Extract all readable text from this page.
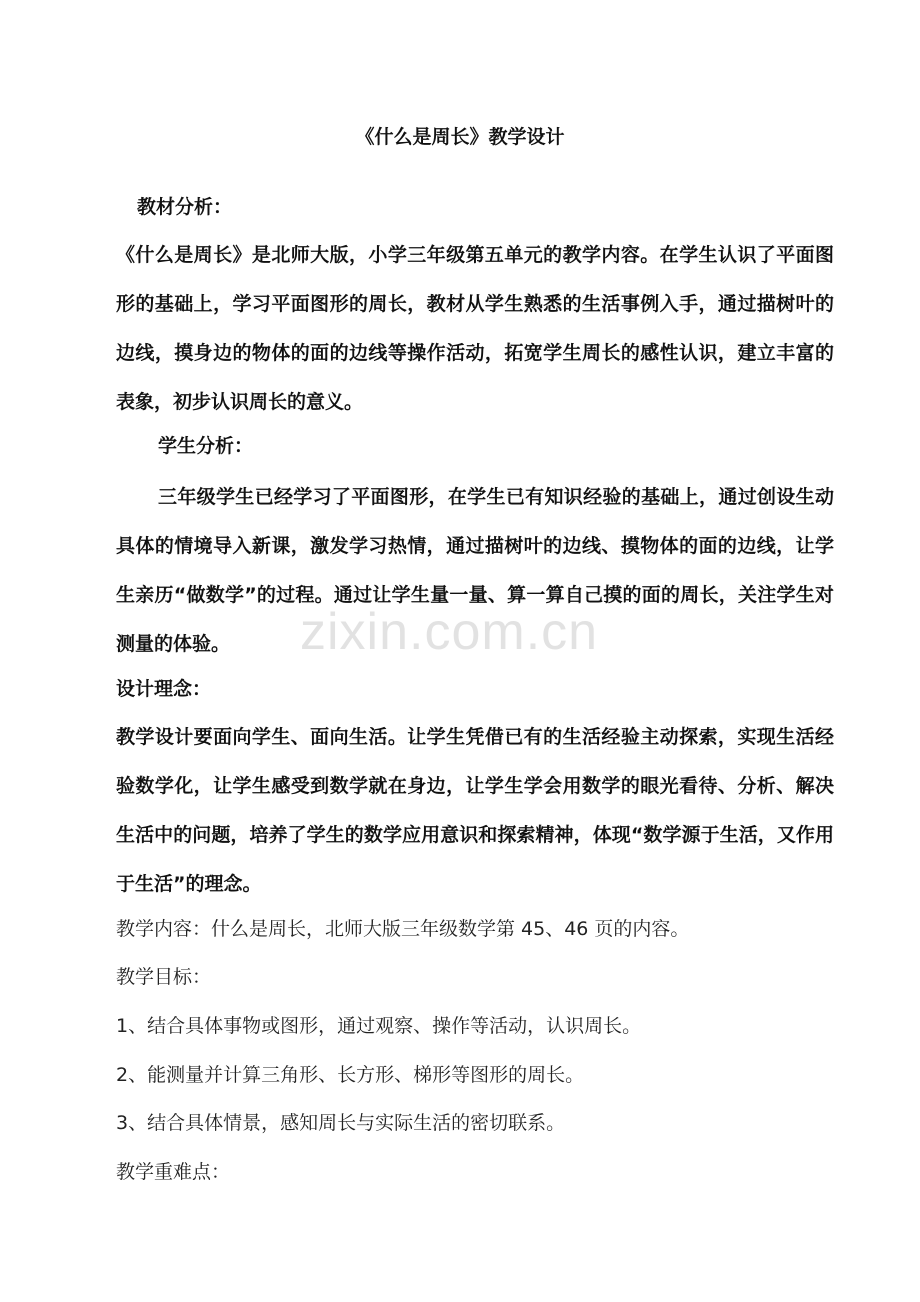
zixin.com.cn
《什么是周长》教学设计
教材分析：
《什么是周长》是北师大版，小学三年级第五单元的教学内容。在学生认识了平面图形的基础上，学习平面图形的周长，教材从学生熟悉的生活事例入手，通过描树叶的边线，摸身边的物体的面的边线等操作活动，拓宽学生周长的感性认识，建立丰富的表象，初步认识周长的意义。
学生分析：
三年级学生已经学习了平面图形，在学生已有知识经验的基础上，通过创设生动具体的情境导入新课，激发学习热情，通过描树叶的边线、摸物体的面的边线，让学生亲历“做数学”的过程。通过让学生量一量、算一算自己摸的面的周长，关注学生对测量的体验。
设计理念：
教学设计要面向学生、面向生活。让学生凭借已有的生活经验主动探索，实现生活经验数学化，让学生感受到数学就在身边，让学生学会用数学的眼光看待、分析、解决生活中的问题，培养了学生的数学应用意识和探索精神，体现“数学源于生活，又作用于生活”的理念。
教学内容：什么是周长，北师大版三年级数学第 45、46 页的内容。
教学目标：
1、结合具体事物或图形，通过观察、操作等活动，认识周长。
2、能测量并计算三角形、长方形、梯形等图形的周长。
3、结合具体情景，感知周长与实际生活的密切联系。
教学重难点：
